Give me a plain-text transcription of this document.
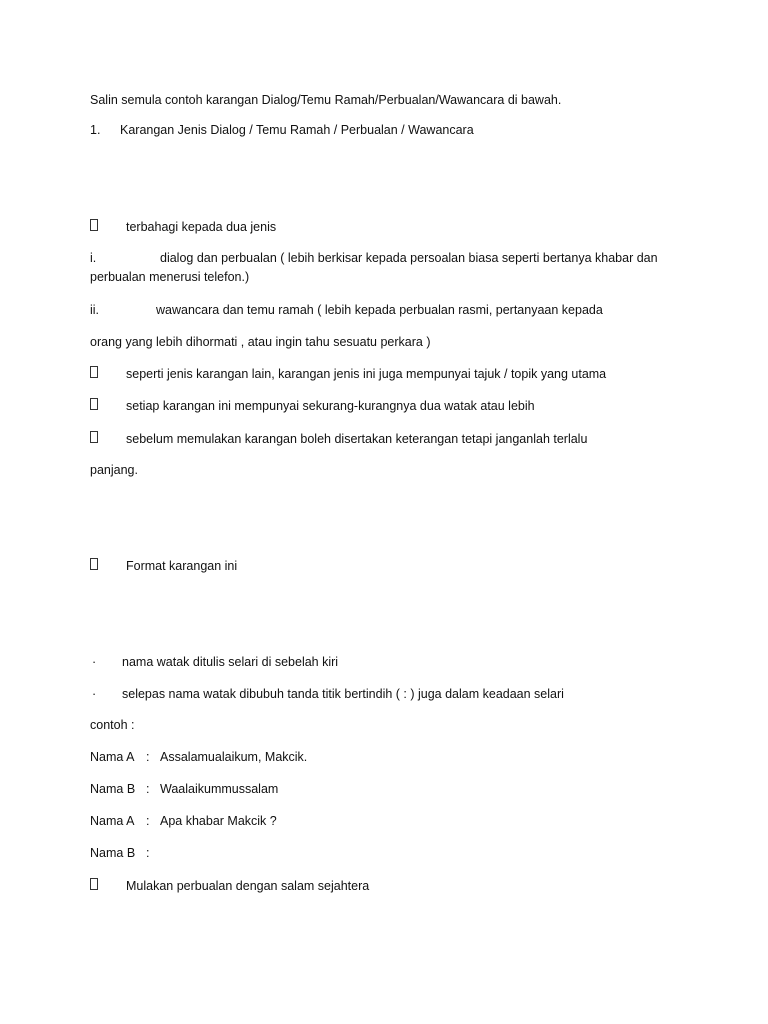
Salin semula contoh karangan Dialog/Temu Ramah/Perbualan/Wawancara di bawah.
1. Karangan Jenis Dialog / Temu Ramah / Perbualan / Wawancara
terbahagi kepada dua jenis
i.	dialog dan perbualan ( lebih berkisar kepada persoalan biasa seperti bertanya khabar dan
perbualan menerusi telefon.)
ii.	wawancara dan temu ramah ( lebih kepada perbualan rasmi, pertanyaan kepada
orang yang lebih dihormati , atau ingin tahu sesuatu perkara )
seperti jenis karangan lain, karangan jenis ini juga mempunyai tajuk / topik yang utama
setiap karangan ini mempunyai sekurang-kurangnya dua watak atau lebih
sebelum memulakan karangan boleh disertakan keterangan tetapi janganlah terlalu
panjang.
Format karangan ini
· nama watak ditulis selari di sebelah kiri
· selepas nama watak dibubuh tanda titik bertindih ( : ) juga dalam keadaan selari
contoh :
Nama A : Assalamualaikum, Makcik.
Nama B : Waalaikummussalam
Nama A : Apa khabar Makcik ?
Nama B :
Mulakan perbualan dengan salam sejahtera
